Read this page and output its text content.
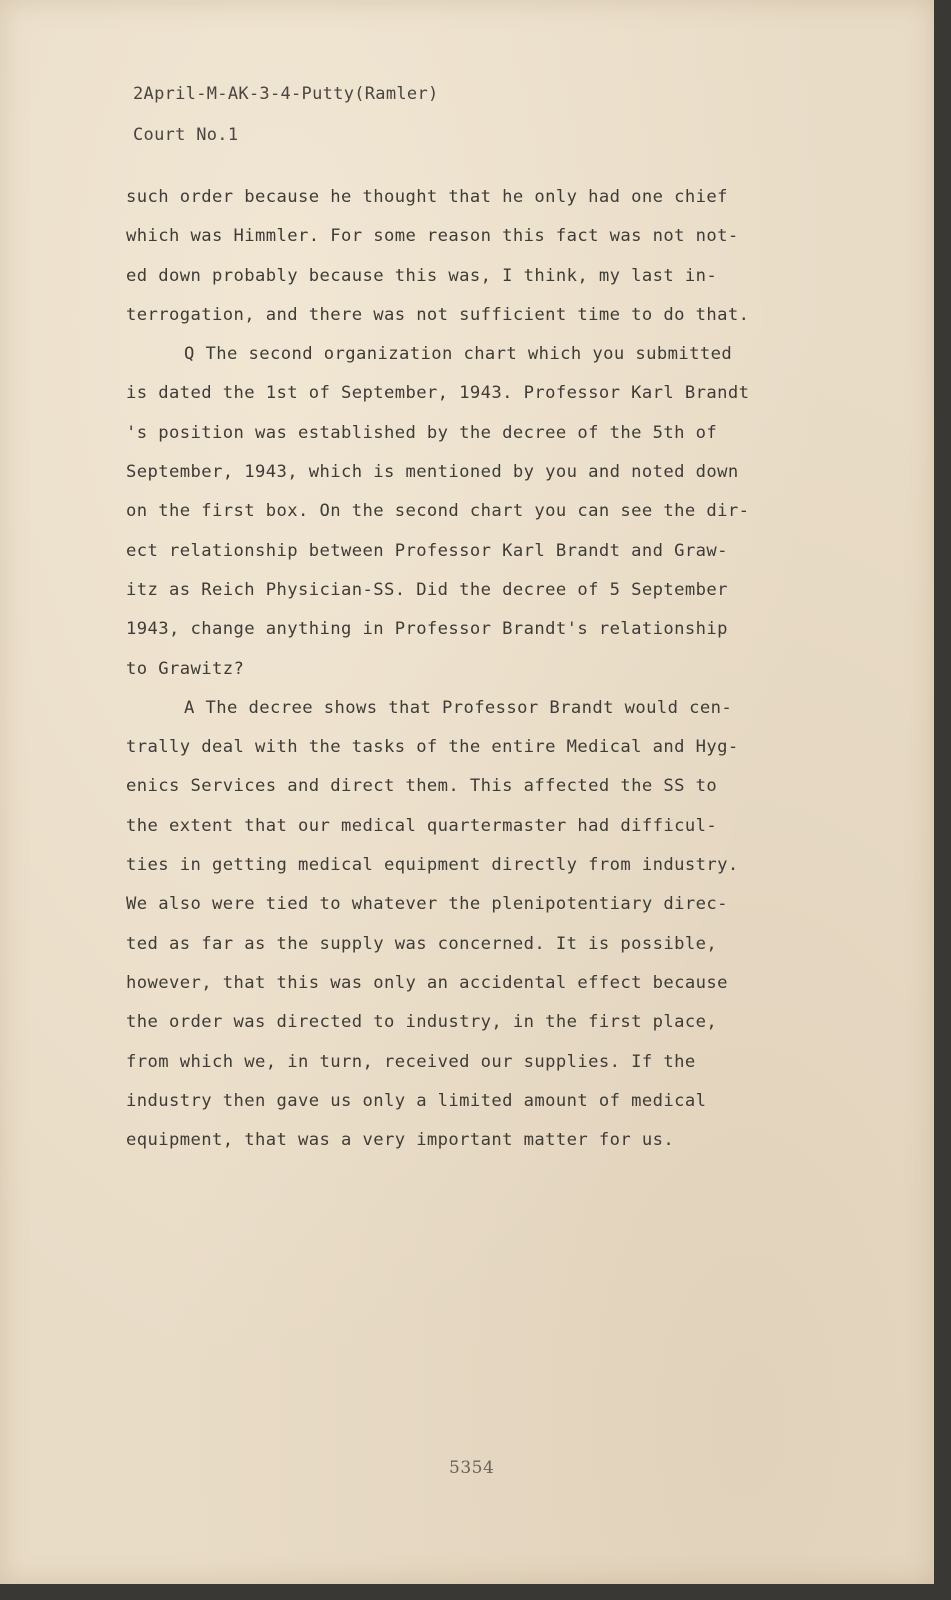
2April-M-AK-3-4-Putty(Ramler)
Court No.1
such order because he thought that he only had one chief
which was Himmler. For some reason this fact was not not-
ed down probably because this was, I think, my last in-
terrogation, and there was not sufficient time to do that.
Q The second organization chart which you submitted
is dated the 1st of September, 1943. Professor Karl Brandt
's position was established by the decree of the 5th of
September, 1943, which is mentioned by you and noted down
on the first box. On the second chart you can see the dir-
ect relationship between Professor Karl Brandt and Graw-
itz as Reich Physician-SS. Did the decree of 5 September
1943, change anything in Professor Brandt's relationship
to Grawitz?
A The decree shows that Professor Brandt would cen-
trally deal with the tasks of the entire Medical and Hyg-
enics Services and direct them. This affected the SS to
the extent that our medical quartermaster had difficul-
ties in getting medical equipment directly from industry.
We also were tied to whatever the plenipotentiary direc-
ted as far as the supply was concerned. It is possible,
however, that this was only an accidental effect because
the order was directed to industry, in the first place,
from which we, in turn, received our supplies. If the
industry then gave us only a limited amount of medical
equipment, that was a very important matter for us.
5354
